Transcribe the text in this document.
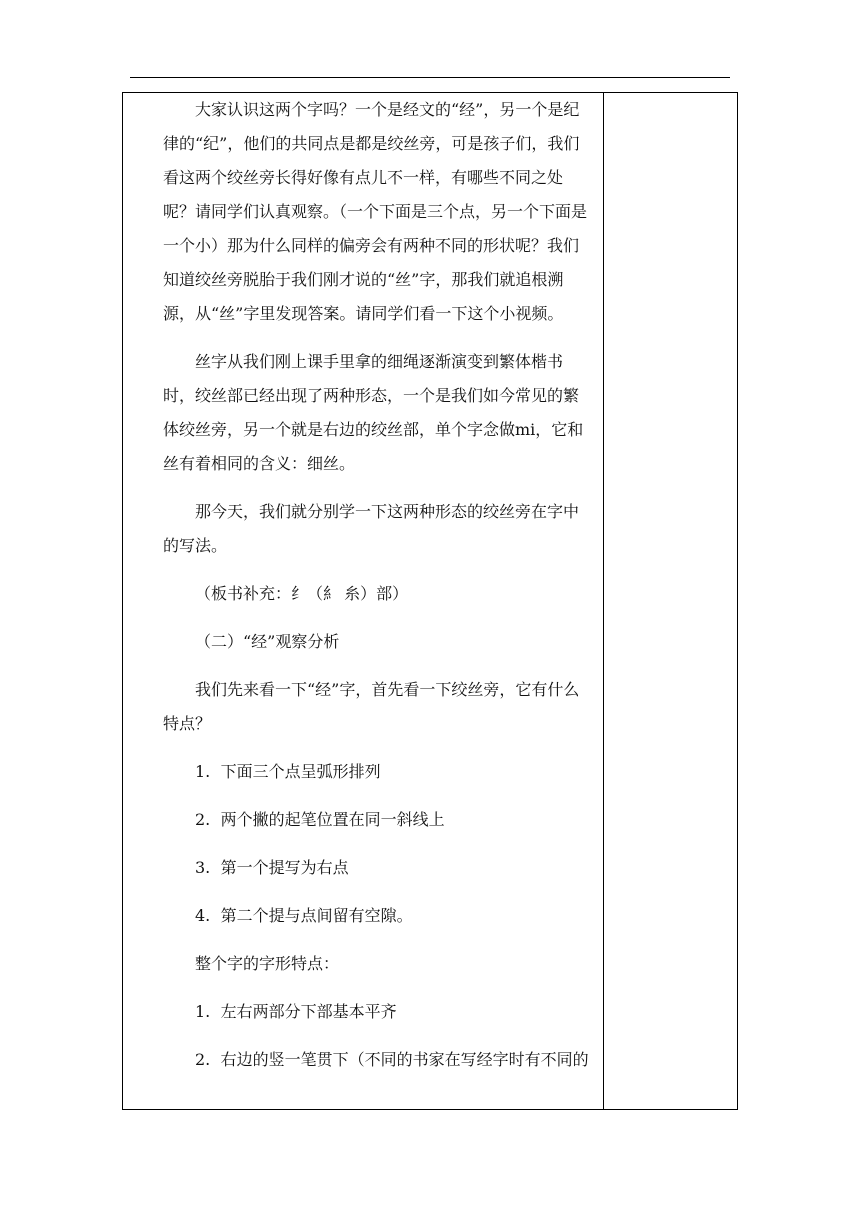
大家认识这两个字吗？一个是经文的“经”，另一个是纪律的“纪”，他们的共同点是都是绞丝旁，可是孩子们，我们看这两个绞丝旁长得好像有点儿不一样，有哪些不同之处呢？请同学们认真观察。（一个下面是三个点，另一个下面是一个小）那为什么同样的偏旁会有两种不同的形状呢？我们知道绞丝旁脱胎于我们刚才说的“丝”字，那我们就追根溯源，从“丝”字里发现答案。请同学们看一下这个小视频。

丝字从我们刚上课手里拿的细绳逐渐演变到繁体楷书时，绞丝部已经出现了两种形态，一个是我们如今常见的繁体绞丝旁，另一个就是右边的绞丝部，单个字念做mi，它和丝有着相同的含义：细丝。

那今天，我们就分别学一下这两种形态的绞丝旁在字中的写法。

（板书补充：纟（糹 糸）部）

（二）“经”观察分析

我们先来看一下“经”字，首先看一下绞丝旁，它有什么特点？

1. 下面三个点呈弧形排列

2. 两个撇的起笔位置在同一斜线上

3. 第一个提写为右点

4. 第二个提与点间留有空隙。

整个字的字形特点：

1. 左右两部分下部基本平齐

2. 右边的竖一笔贯下（不同的书家在写经字时有不同的
